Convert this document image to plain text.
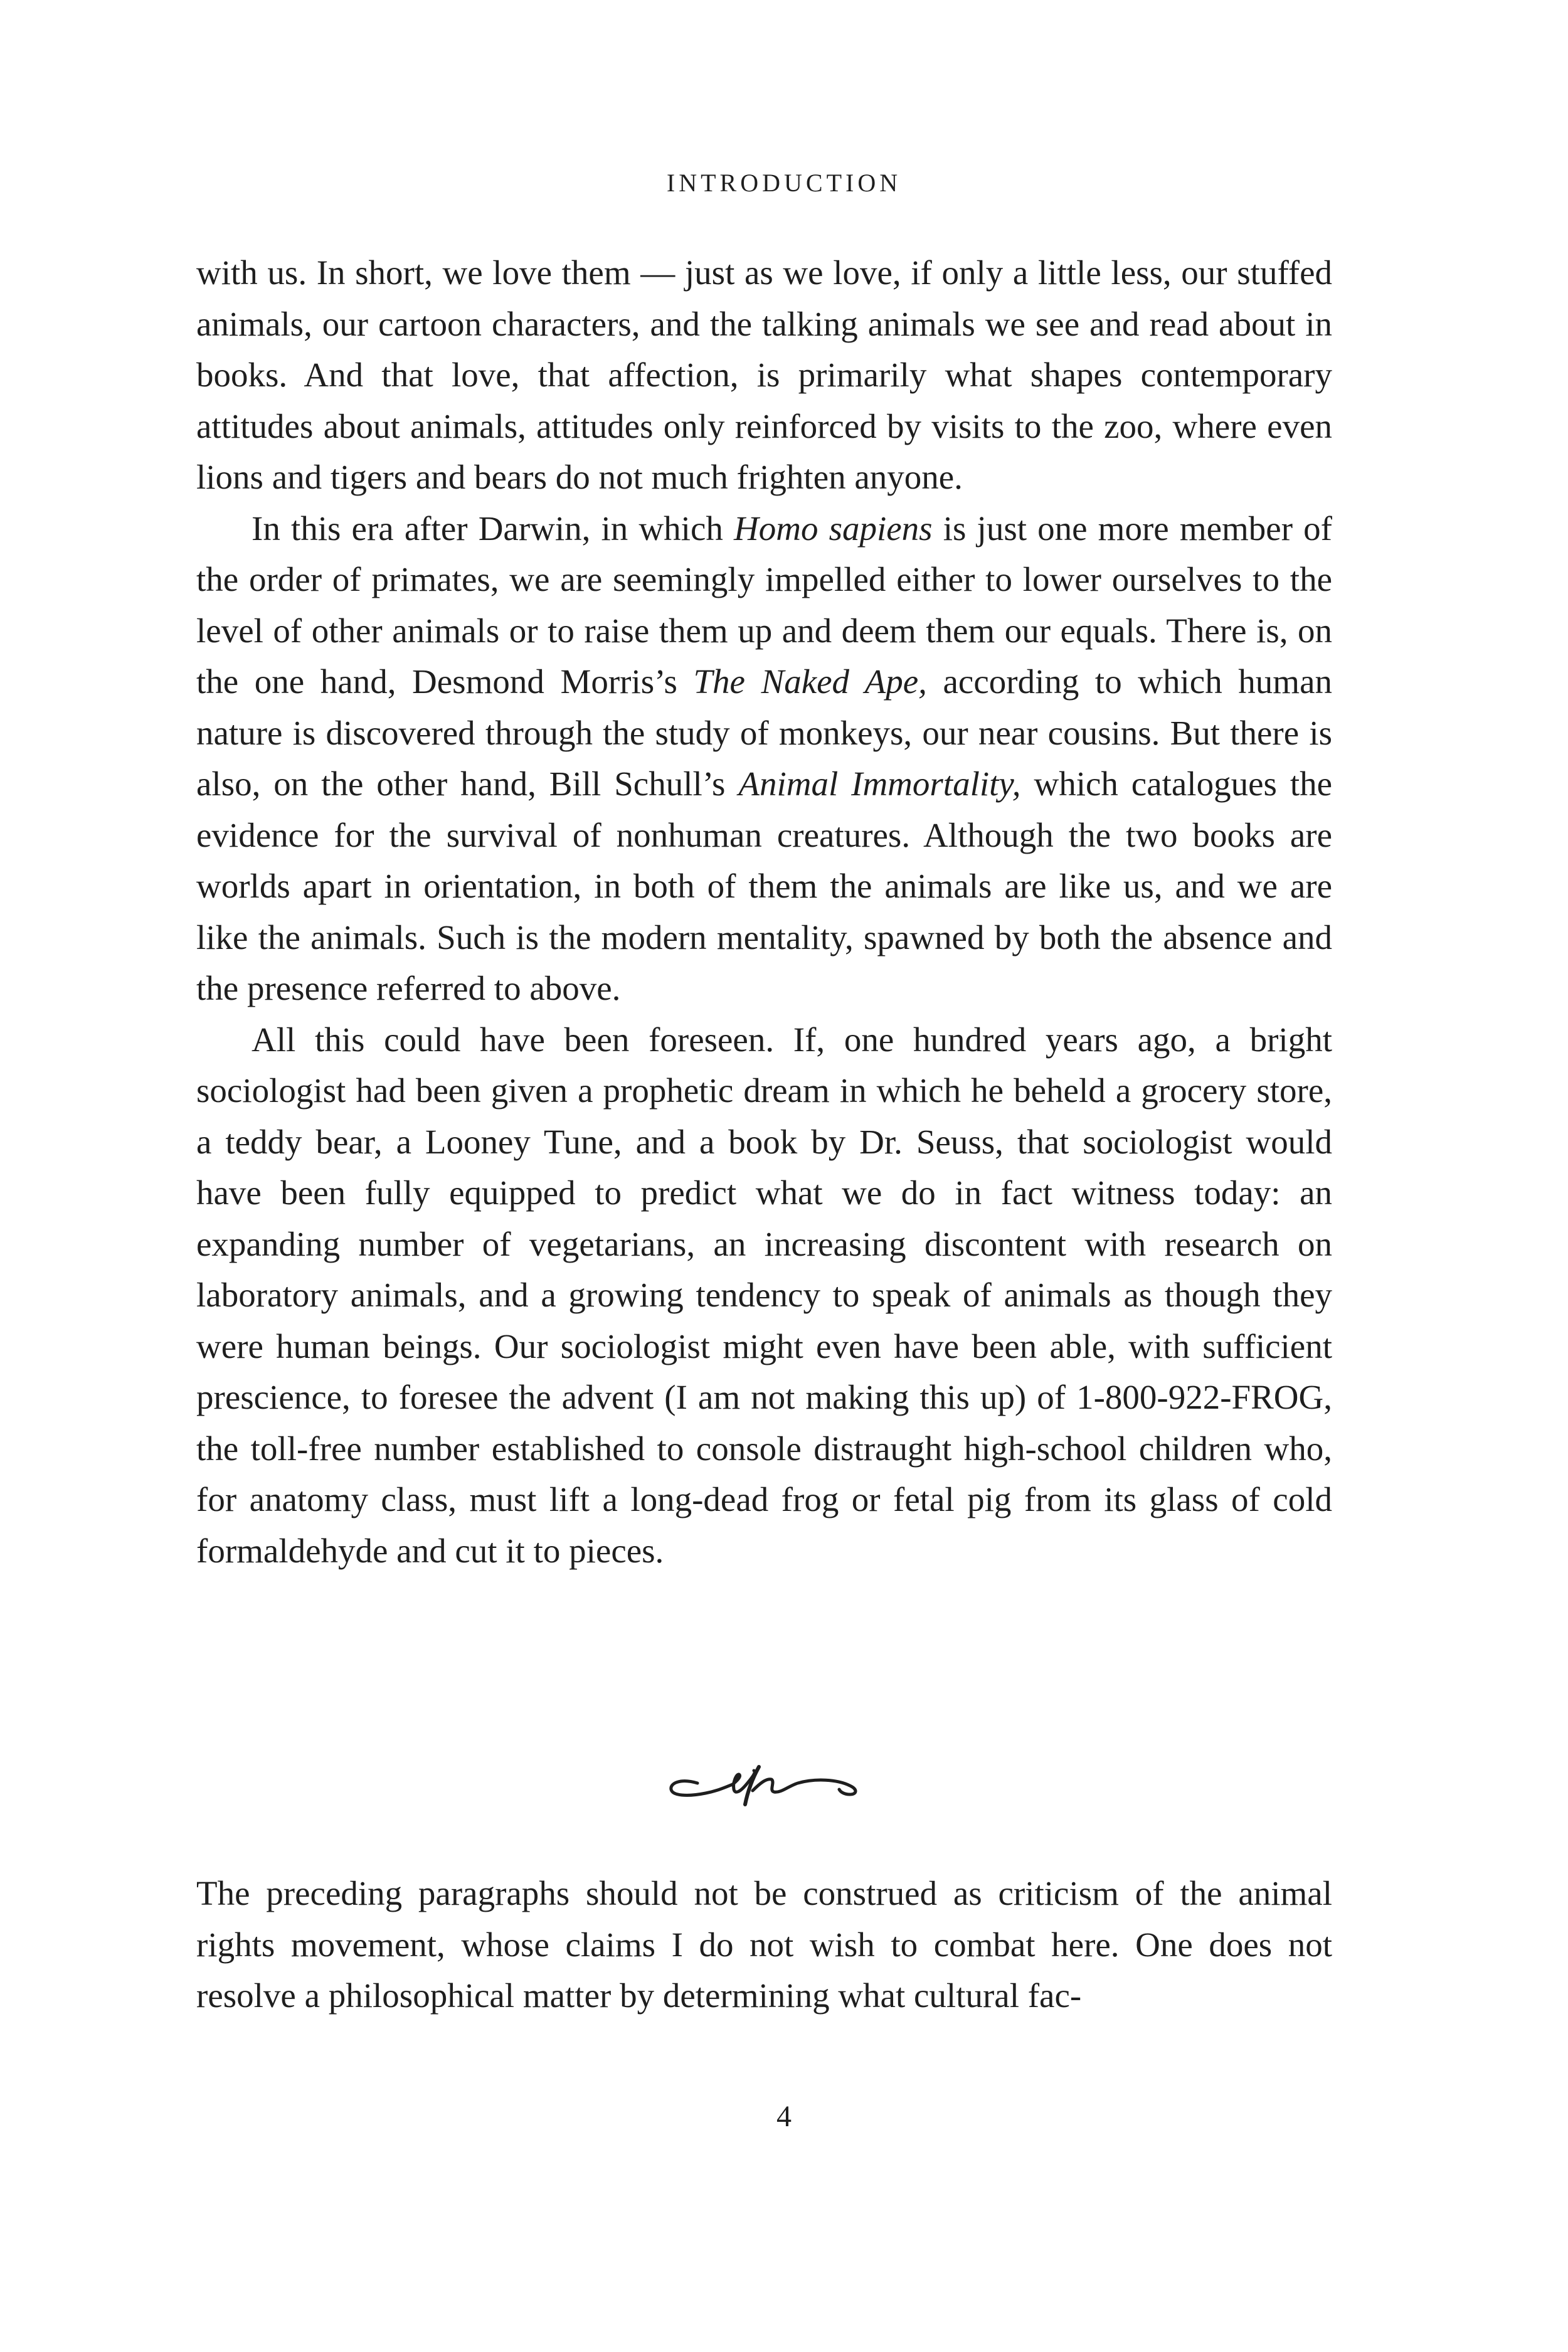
INTRODUCTION

with us. In short, we love them — just as we love, if only a little less, our stuffed animals, our cartoon characters, and the talking animals we see and read about in books. And that love, that affection, is primarily what shapes contemporary attitudes about animals, attitudes only reinforced by visits to the zoo, where even lions and tigers and bears do not much frighten anyone.

In this era after Darwin, in which Homo sapiens is just one more member of the order of primates, we are seemingly impelled either to lower ourselves to the level of other animals or to raise them up and deem them our equals. There is, on the one hand, Desmond Morris’s The Naked Ape, according to which human nature is discovered through the study of monkeys, our near cousins. But there is also, on the other hand, Bill Schull’s Animal Immortality, which catalogues the evidence for the survival of nonhuman creatures. Although the two books are worlds apart in orientation, in both of them the animals are like us, and we are like the animals. Such is the modern mentality, spawned by both the absence and the presence referred to above.

All this could have been foreseen. If, one hundred years ago, a bright sociologist had been given a prophetic dream in which he beheld a grocery store, a teddy bear, a Looney Tune, and a book by Dr. Seuss, that sociologist would have been fully equipped to predict what we do in fact witness today: an expanding number of vegetarians, an increasing discontent with research on laboratory animals, and a growing tendency to speak of animals as though they were human beings. Our sociologist might even have been able, with sufficient prescience, to foresee the advent (I am not making this up) of 1-800-922-FROG, the toll-free number established to console distraught high-school children who, for anatomy class, must lift a long-dead frog or fetal pig from its glass of cold formaldehyde and cut it to pieces.

The preceding paragraphs should not be construed as criticism of the animal rights movement, whose claims I do not wish to combat here. One does not resolve a philosophical matter by determining what cultural fac-

4
